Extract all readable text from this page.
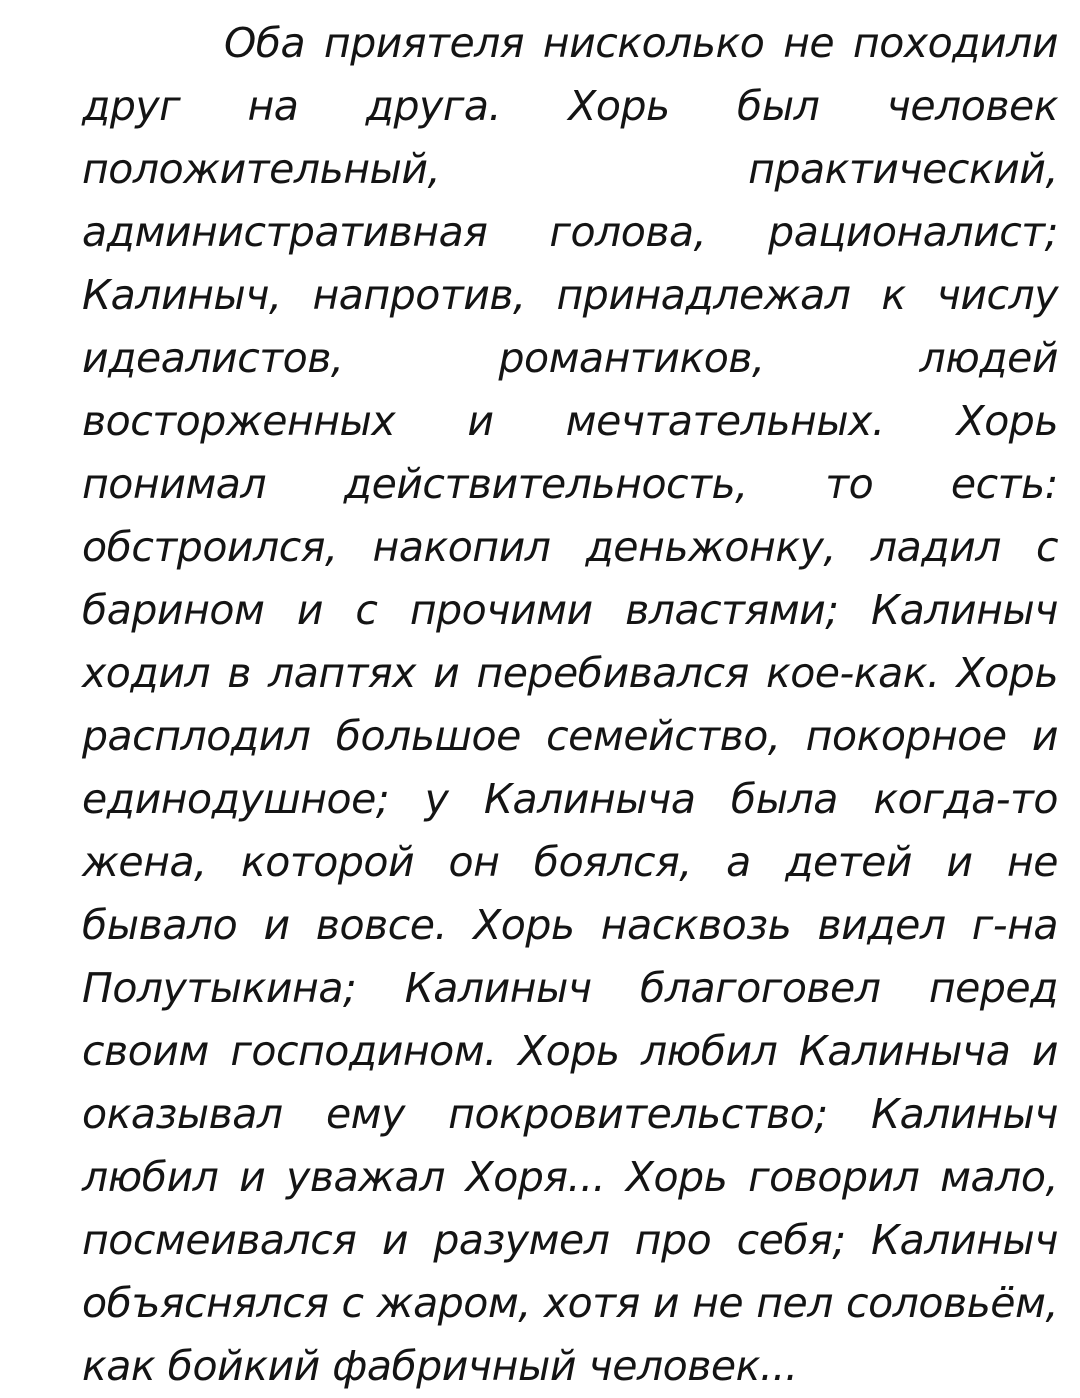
Оба приятеля нисколько не походили
друг на друга. Хорь был человек
положительный, практический,
административная голова, рационалист;
Калиныч, напротив, принадлежал к числу
идеалистов, романтиков, людей
восторженных и мечтательных. Хорь
понимал действительность, то есть:
обстроился, накопил деньжонку, ладил с
барином и с прочими властями; Калиныч
ходил в лаптях и перебивался кое-как. Хорь
расплодил большое семейство, покорное и
единодушное; у Калиныча была когда-то
жена, которой он боялся, а детей и не
бывало и вовсе. Хорь насквозь видел г-на
Полутыкина; Калиныч благоговел перед
своим господином. Хорь любил Калиныча и
оказывал ему покровительство; Калиныч
любил и уважал Хоря... Хорь говорил мало,
посмеивался и разумел про себя; Калиныч
объяснялся с жаром, хотя и не пел соловьём,
как бойкий фабричный человек...
